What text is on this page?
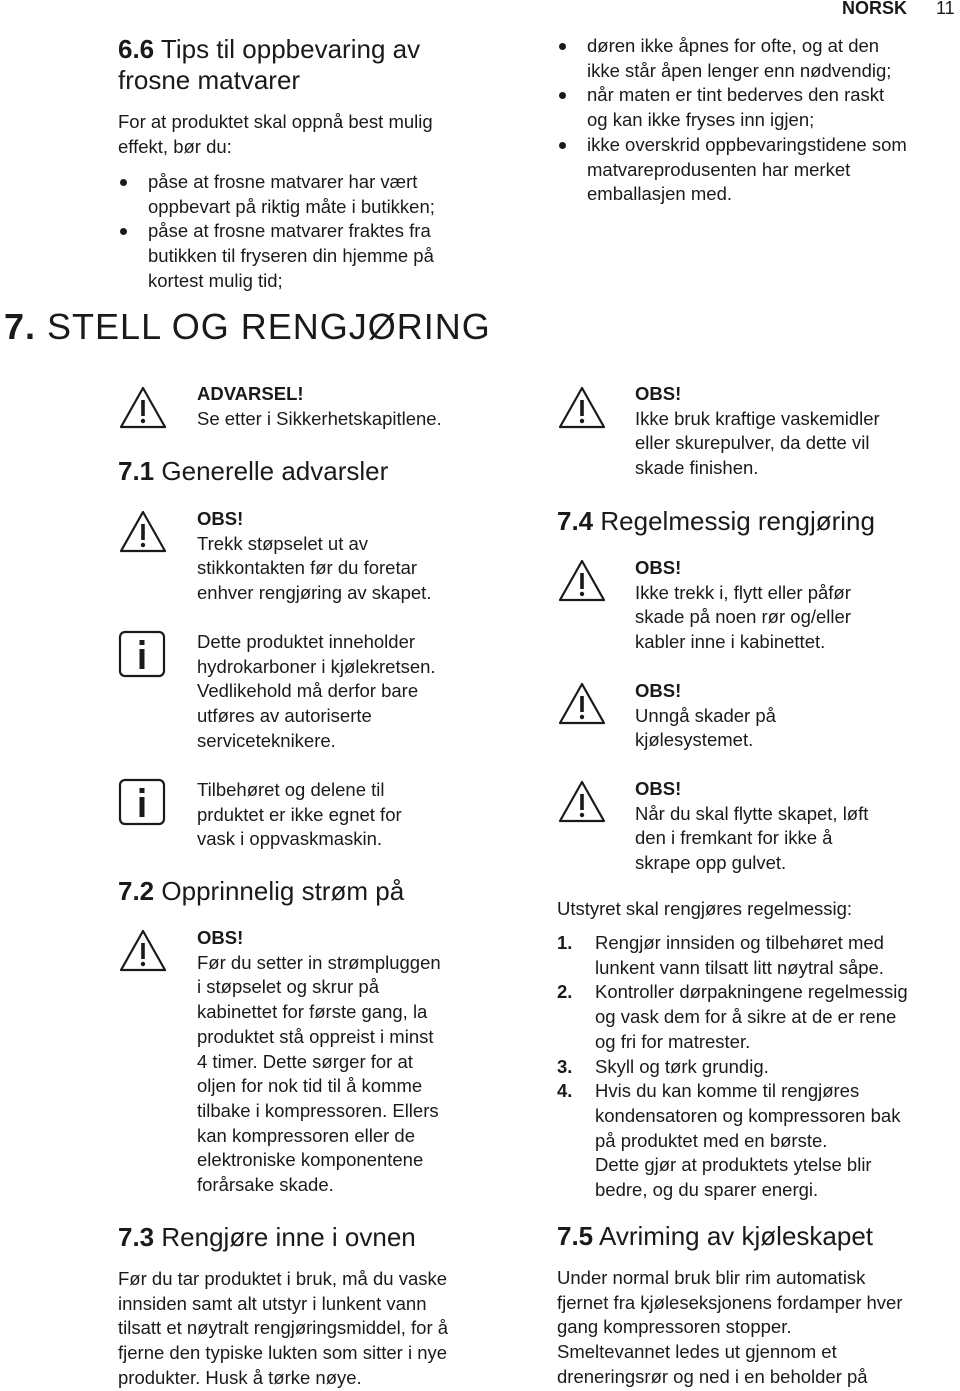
NORSK 11
6.6 Tips til oppbevaring av
frosne matvarer
For at produktet skal oppnå best mulig
effekt, bør du:
påse at frosne matvarer har vært
oppbevart på riktig måte i butikken;
påse at frosne matvarer fraktes fra
butikken til fryseren din hjemme på
kortest mulig tid;
døren ikke åpnes for ofte, og at den
ikke står åpen lenger enn nødvendig;
når maten er tint bederves den raskt
og kan ikke fryses inn igjen;
ikke overskrid oppbevaringstidene som
matvareprodusenten har merket
emballasjen med.
7. STELL OG RENGJØRING
ADVARSEL!
Se etter i Sikkerhetskapitlene.
7.1 Generelle advarsler
OBS!
Trekk støpselet ut av
stikkontakten før du foretar
enhver rengjøring av skapet.
Dette produktet inneholder
hydrokarboner i kjølekretsen.
Vedlikehold må derfor bare
utføres av autoriserte
serviceteknikere.
Tilbehøret og delene til
prduktet er ikke egnet for
vask i oppvaskmaskin.
7.2 Opprinnelig strøm på
OBS!
Før du setter in strømpluggen
i støpselet og skrur på
kabinettet for første gang, la
produktet stå oppreist i minst
4 timer. Dette sørger for at
oljen for nok tid til å komme
tilbake i kompressoren. Ellers
kan kompressoren eller de
elektroniske komponentene
forårsake skade.
7.3 Rengjøre inne i ovnen
Før du tar produktet i bruk, må du vaske
innsiden samt alt utstyr i lunkent vann
tilsatt et nøytralt rengjøringsmiddel, for å
fjerne den typiske lukten som sitter i nye
produkter. Husk å tørke nøye.
OBS!
Ikke bruk kraftige vaskemidler
eller skurepulver, da dette vil
skade finishen.
7.4 Regelmessig rengjøring
OBS!
Ikke trekk i, flytt eller påfør
skade på noen rør og/eller
kabler inne i kabinettet.
OBS!
Unngå skader på
kjølesystemet.
OBS!
Når du skal flytte skapet, løft
den i fremkant for ikke å
skrape opp gulvet.
Utstyret skal rengjøres regelmessig:
1. Rengjør innsiden og tilbehøret med
lunkent vann tilsatt litt nøytral såpe.
2. Kontroller dørpakningene regelmessig
og vask dem for å sikre at de er rene
og fri for matrester.
3. Skyll og tørk grundig.
4. Hvis du kan komme til rengjøres
kondensatoren og kompressoren bak
på produktet med en børste.
Dette gjør at produktets ytelse blir
bedre, og du sparer energi.
7.5 Avriming av kjøleskapet
Under normal bruk blir rim automatisk
fjernet fra kjøleseksjonens fordamper hver
gang kompressoren stopper.
Smeltevannet ledes ut gjennom et
dreneringsrør og ned i en beholder på
